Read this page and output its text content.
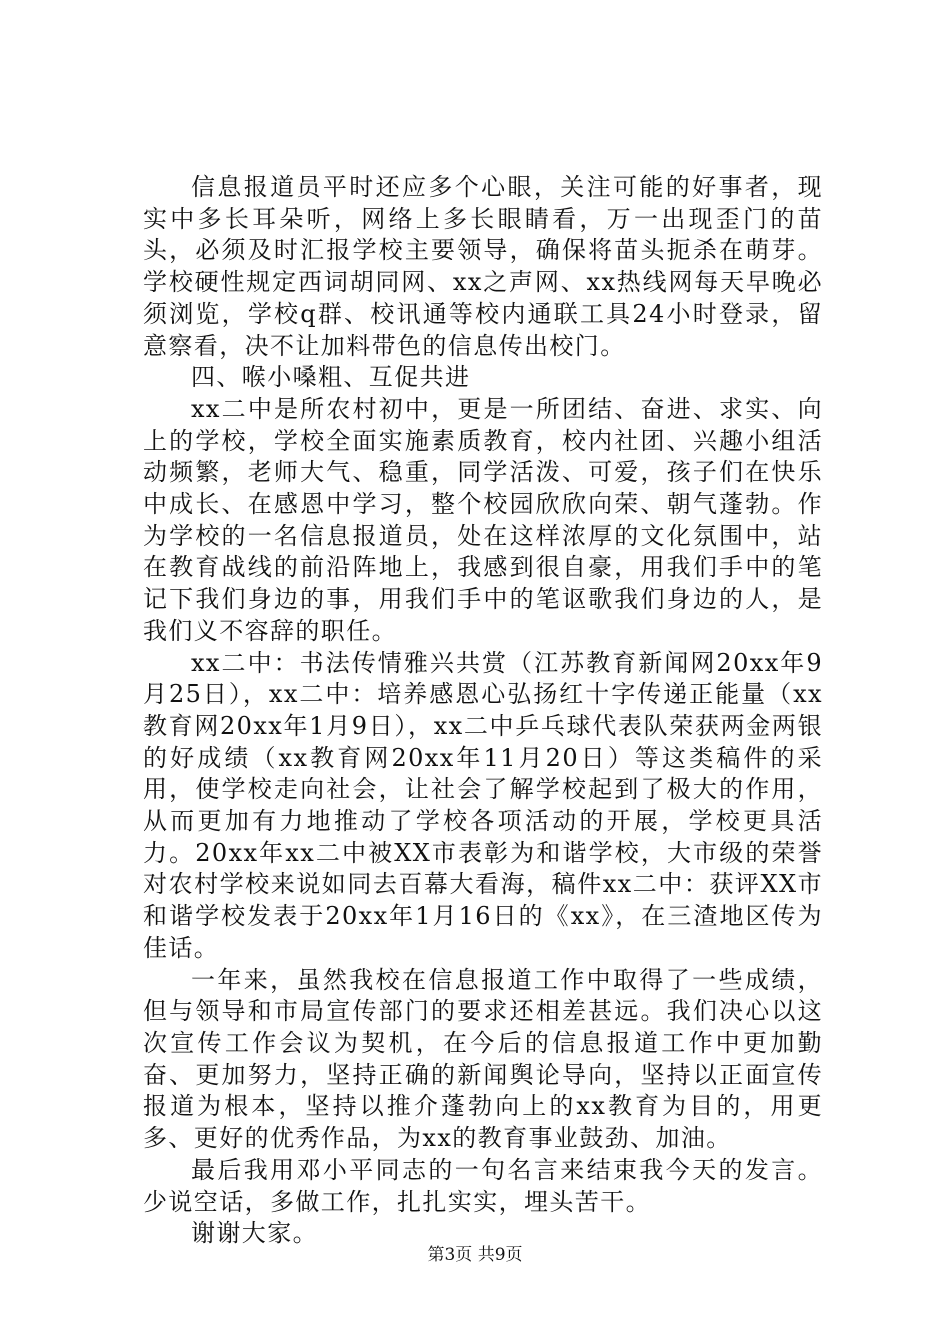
信息报道员平时还应多个心眼，关注可能的好事者，现实中多长耳朵听，网络上多长眼睛看，万一出现歪门的苗头，必须及时汇报学校主要领导，确保将苗头扼杀在萌芽。学校硬性规定西词胡同网、xx之声网、xx热线网每天早晚必须浏览，学校q群、校讯通等校内通联工具24小时登录，留意察看，决不让加料带色的信息传出校门。

四、喉小嗓粗、互促共进

xx二中是所农村初中，更是一所团结、奋进、求实、向上的学校，学校全面实施素质教育，校内社团、兴趣小组活动频繁，老师大气、稳重，同学活泼、可爱，孩子们在快乐中成长、在感恩中学习，整个校园欣欣向荣、朝气蓬勃。作为学校的一名信息报道员，处在这样浓厚的文化氛围中，站在教育战线的前沿阵地上，我感到很自豪，用我们手中的笔记下我们身边的事，用我们手中的笔讴歌我们身边的人，是我们义不容辞的职任。

xx二中：书法传情雅兴共赏（江苏教育新闻网20xx年9月25日），xx二中：培养感恩心弘扬红十字传递正能量（xx教育网20xx年1月9日），xx二中乒乓球代表队荣获两金两银的好成绩（xx教育网20xx年11月20日）等这类稿件的采用，使学校走向社会，让社会了解学校起到了极大的作用，从而更加有力地推动了学校各项活动的开展，学校更具活力。20xx年xx二中被XX市表彰为和谐学校，大市级的荣誉对农村学校来说如同去百幕大看海，稿件xx二中：获评XX市和谐学校发表于20xx年1月16日的《xx》，在三渣地区传为佳话。

一年来，虽然我校在信息报道工作中取得了一些成绩，但与领导和市局宣传部门的要求还相差甚远。我们决心以这次宣传工作会议为契机，在今后的信息报道工作中更加勤奋、更加努力，坚持正确的新闻舆论导向，坚持以正面宣传报道为根本，坚持以推介蓬勃向上的xx教育为目的，用更多、更好的优秀作品，为xx的教育事业鼓劲、加油。

最后我用邓小平同志的一句名言来结束我今天的发言。少说空话，多做工作，扎扎实实，埋头苦干。

谢谢大家。

第3页 共9页
